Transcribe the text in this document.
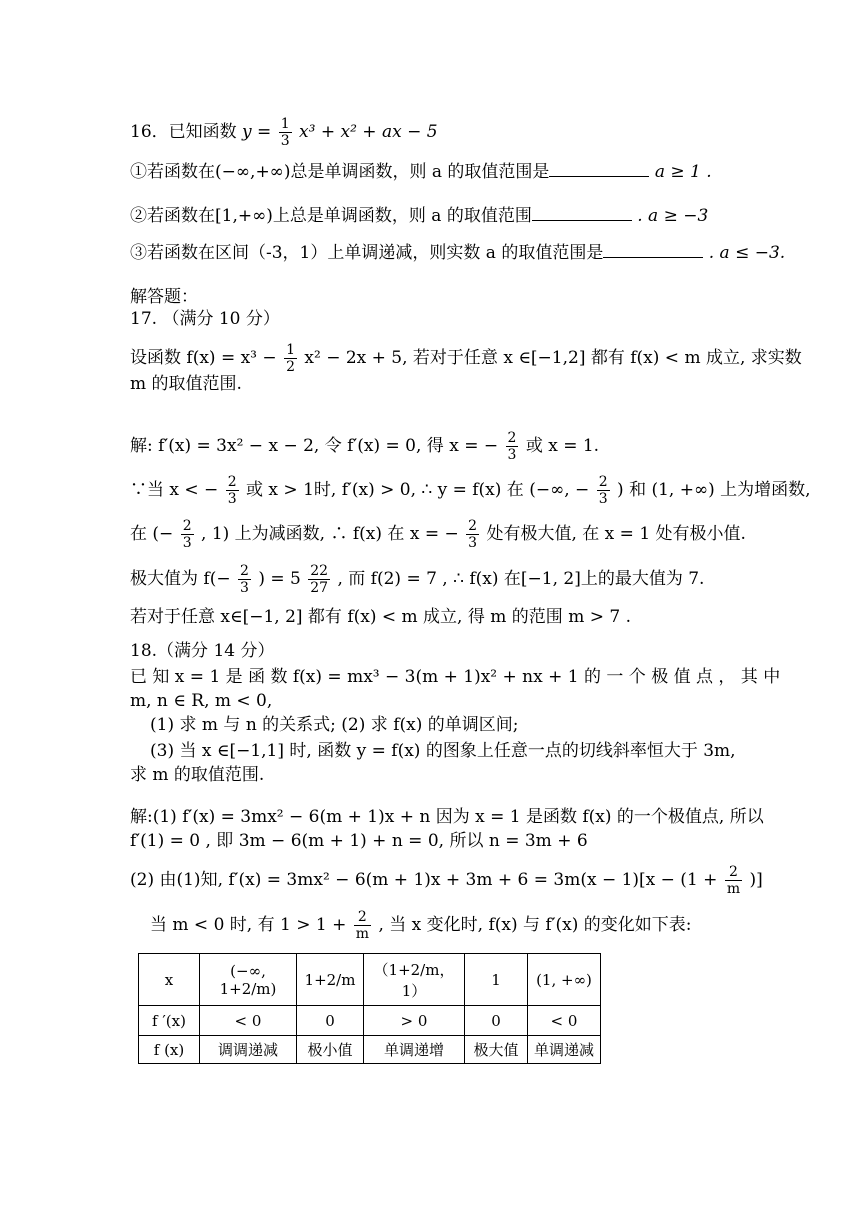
16．已知函数 $y = \frac{1}{3} x^3 + x^2$ + ax − 5
①若函数在(−∞,+∞)总是单调函数，则 a 的取值范围是	a ≥ 1 .
②若函数在[1,+∞)上总是单调函数，则 a 的取值范围	. a ≥ −3
③若函数在区间（-3，1）上单调递减，则实数 a 的取值范围是	. a ≤ −3.
解答题：
17. （满分 10 分）
设函数 $f(x) = x^3 - \frac{1}{2} x^2 - 2x + 5$, 若对于任意 x ∈[−1,2] 都有 f(x) < m 成立, 求实数
m 的取值范围.
解: f′(x) = 3x² − x − 2, 令 f′(x) = 0, 得 x = − $\frac{2}{3}$ 或 x = 1.
∵当 x < − $\frac{2}{3}$ 或 x > 1时, f′(x) > 0, ∴ y = f(x) 在 (−∞, − $\frac{2}{3}$ ) 和 (1, +∞) 上为增函数,
在 (− $\frac{2}{3}$ , 1) 上为减函数, ∴ f(x) 在 x = − $\frac{2}{3}$ 处有极大值, 在 x = 1 处有极小值.
极大值为 $f(- \frac{2}{3}$ ) = $5 \frac{22}{27}$ , 而 f(2) = 7 , ∴ f(x) 在[−1, 2]上的最大值为 7.
若对于任意 x∈[−1, 2] 都有 f(x) < m 成立, 得 m 的范围 m > 7 .
18.（满分 14 分）
已 知 x = 1 是 函 数 f(x) = mx³ − 3(m + 1)x² + nx + 1 的 一 个 极 值 点 ， 其 中
m, n ∈ R, m < 0,
(1) 求 m 与 n 的关系式; (2) 求 f(x) 的单调区间;
(3) 当 x ∈[−1,1] 时, 函数 y = f(x) 的图象上任意一点的切线斜率恒大于 3m,
求 m 的取值范围.
解:(1) f′(x) = 3mx² − 6(m + 1)x + n 因为 x = 1 是函数 f(x) 的一个极值点, 所以
f′(1) = 0 , 即 3m − 6(m + 1) + n = 0, 所以 n = 3m + 6
(2) 由(1)知, $f'(x) = 3mx^2 - 6(m + 1)x + 3m + 6 = 3m(x - 1)[x - (1 + \frac{2}{m}$ )]
当 m < 0 时, 有 $1 > 1 + \frac{2}{m}$ , 当 x 变化时, f(x) 与 f′(x) 的变化如下表:
x	(−∞, 1+2/m)	1+2/m	（1+2/m，1）	1	(1, +∞)
f ′(x)	< 0	0	> 0	0	< 0
f (x)	调调递减	极小值	单调递增	极大值	单调递减
